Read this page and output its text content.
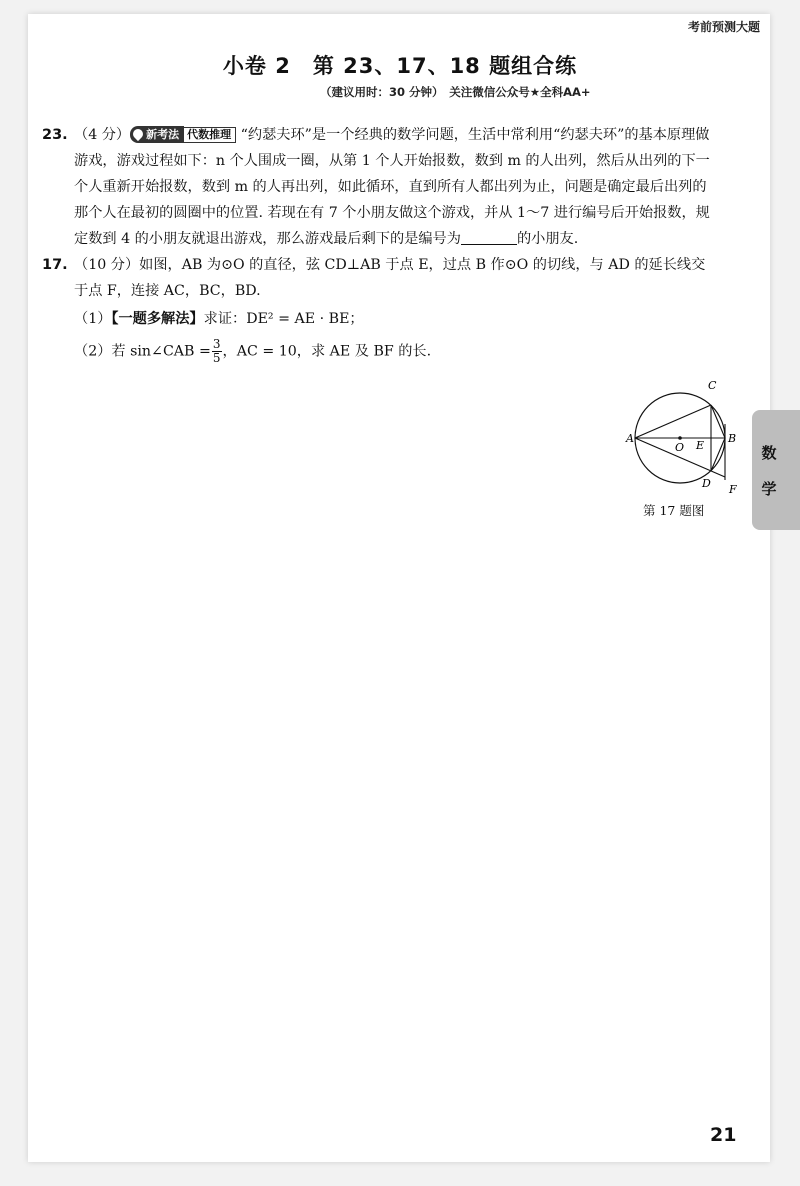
考前预测大题
小卷 2　第 23、17、18 题组合练
（建议用时：30 分钟）　关注微信公众号★全科AA+
23. （4 分） 新考法 代数推理 “约瑟夫环”是一个经典的数学问题，生活中常利用“约瑟夫环”的基本原理做游戏，游戏过程如下：n 个人围成一圈，从第 1 个人开始报数，数到 m 的人出列，然后从出列的下一个人重新开始报数，数到 m 的人再出列，如此循环，直到所有人都出列为止，问题是确定最后出列的那个人在最初的圆圈中的位置. 若现在有 7 个小朋友做这个游戏，并从 1～7 进行编号后开始报数，规定数到 4 的小朋友就退出游戏，那么游戏最后剩下的是编号为	的小朋友.
17. （10 分）如图，AB 为⊙O 的直径，弦 CD⊥AB 于点 E，过点 B 作⊙O 的切线，与 AD 的延长线交于点 F，连接 AC，BC，BD.
（1）【一题多解法】求证：DE² = AE · BE；
（2）若 sin∠CAB = $\frac{3}{5}$ ，AC = 10，求 AE 及 BF 的长.
A	B
C
D
E
F
O
第 17 题图
数
学
21
